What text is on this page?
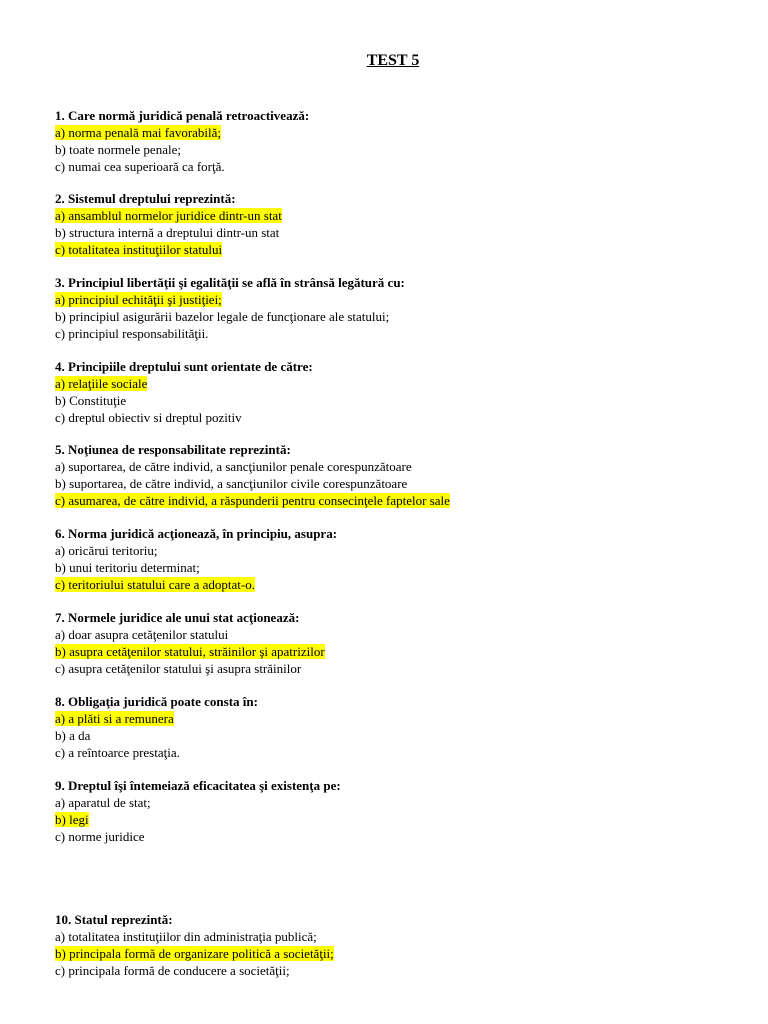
TEST 5
1. Care normă juridică penală retroactivează:
a) norma penală mai favorabilă;
b) toate normele penale;
c) numai cea superioară ca forţă.
2. Sistemul dreptului reprezintă:
a) ansamblul normelor juridice dintr-un stat
b) structura internă a dreptului dintr-un stat
c) totalitatea instituţiilor statului
3. Principiul libertăţii şi egalităţii se află în strânsă legătură cu:
a) principiul echităţii şi justiţiei;
b) principiul asigurării bazelor legale de funcţionare ale statului;
c) principiul responsabilităţii.
4. Principiile dreptului sunt orientate de către:
a) relaţiile sociale
b) Constituţie
c) dreptul obiectiv si dreptul pozitiv
5. Noţiunea de responsabilitate reprezintă:
a) suportarea, de către individ, a sancţiunilor penale corespunzătoare
b) suportarea, de către individ, a sancţiunilor civile corespunzătoare
c) asumarea, de către individ, a răspunderii pentru consecinţele faptelor sale
6. Norma juridică acţionează, în principiu, asupra:
a) oricărui teritoriu;
b) unui teritoriu determinat;
c) teritoriului statului care a adoptat-o.
7. Normele juridice ale unui stat acţionează:
a) doar asupra cetăţenilor statului
b) asupra cetăţenilor statului, străinilor şi apatrizilor
c) asupra cetăţenilor statului şi asupra străinilor
8. Obligaţia juridică poate consta în:
a) a plăti si a remunera
b) a da
c) a reîntoarce prestaţia.
9. Dreptul îşi întemeiază eficacitatea şi existenţa pe:
a) aparatul de stat;
b) legi
c) norme juridice
10. Statul reprezintă:
a) totalitatea instituţiilor din administraţia publică;
b) principala formă de organizare politică a societăţii;
c) principala formă de conducere a societăţii;
